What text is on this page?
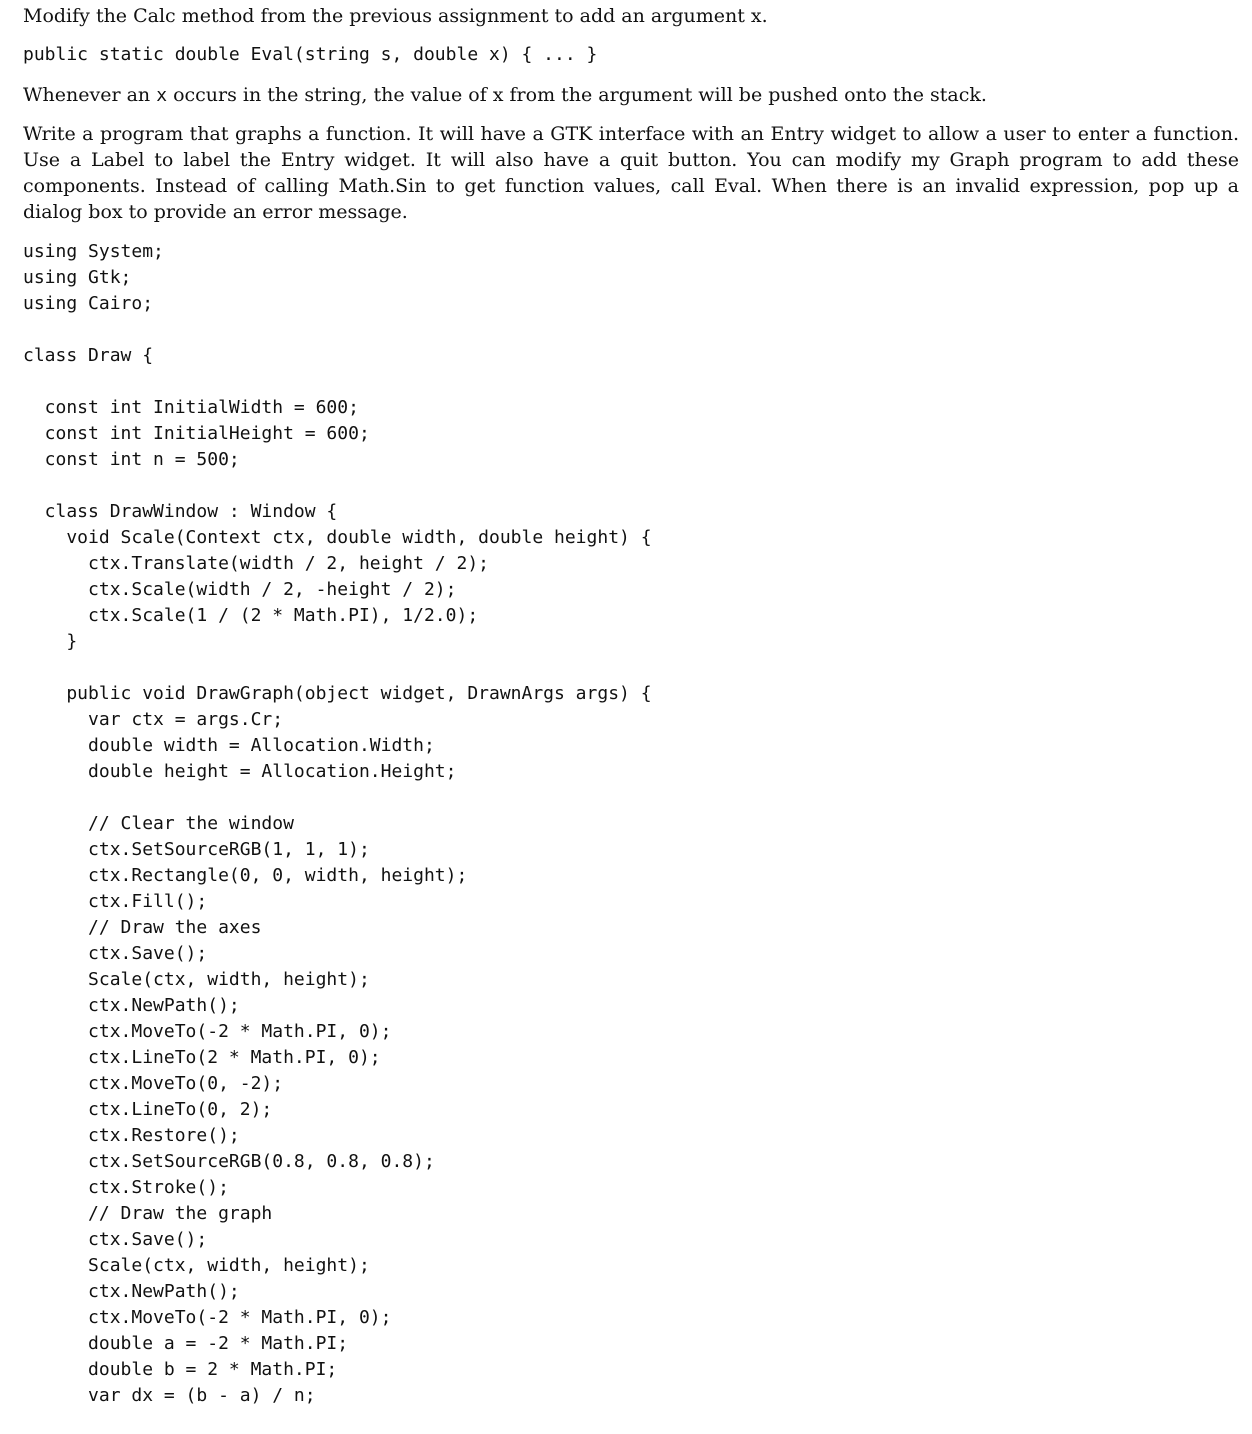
Modify the Calc method from the previous assignment to add an argument x.

public static double Eval(string s, double x) { ... }

Whenever an x occurs in the string, the value of x from the argument will be pushed onto the stack.

Write a program that graphs a function. It will have a GTK interface with an Entry widget to allow a user to enter a function. Use a Label to label the Entry widget. It will also have a quit button. You can modify my Graph program to add these components. Instead of calling Math.Sin to get function values, call Eval. When there is an invalid expression, pop up a dialog box to provide an error message.

using System;
using Gtk;
using Cairo;

class Draw {

const int InitialWidth = 600;
const int InitialHeight = 600;
const int n = 500;

class DrawWindow : Window {
void Scale(Context ctx, double width, double height) {
ctx.Translate(width / 2, height / 2);
ctx.Scale(width / 2, -height / 2);
ctx.Scale(1 / (2 * Math.PI), 1/2.0);
}

public void DrawGraph(object widget, DrawnArgs args) {
var ctx = args.Cr;
double width = Allocation.Width;
double height = Allocation.Height;

// Clear the window
ctx.SetSourceRGB(1, 1, 1);
ctx.Rectangle(0, 0, width, height);
ctx.Fill();
// Draw the axes
ctx.Save();
Scale(ctx, width, height);
ctx.NewPath();
ctx.MoveTo(-2 * Math.PI, 0);
ctx.LineTo(2 * Math.PI, 0);
ctx.MoveTo(0, -2);
ctx.LineTo(0, 2);
ctx.Restore();
ctx.SetSourceRGB(0.8, 0.8, 0.8);
ctx.Stroke();
// Draw the graph
ctx.Save();
Scale(ctx, width, height);
ctx.NewPath();
ctx.MoveTo(-2 * Math.PI, 0);
double a = -2 * Math.PI;
double b = 2 * Math.PI;
var dx = (b - a) / n;
